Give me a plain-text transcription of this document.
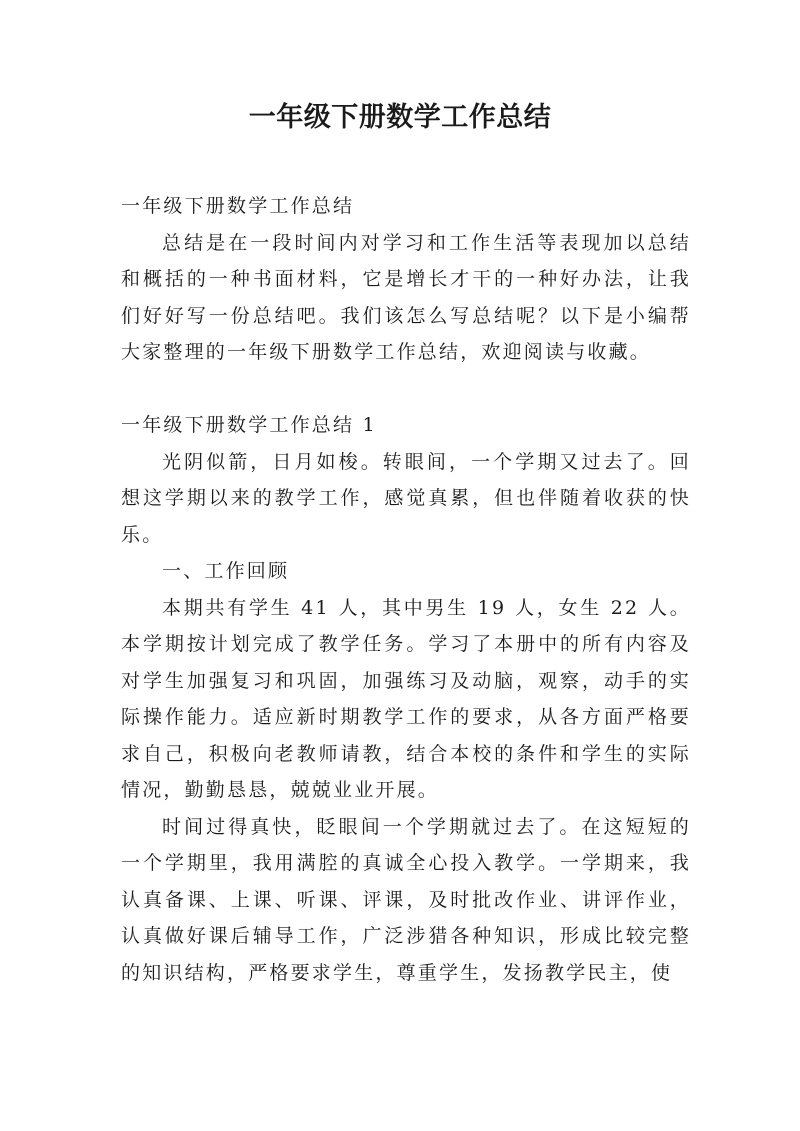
一年级下册数学工作总结

一年级下册数学工作总结

总结是在一段时间内对学习和工作生活等表现加以总结和概括的一种书面材料，它是增长才干的一种好办法，让我们好好写一份总结吧。我们该怎么写总结呢？以下是小编帮大家整理的一年级下册数学工作总结，欢迎阅读与收藏。

一年级下册数学工作总结 1

光阴似箭，日月如梭。转眼间，一个学期又过去了。回想这学期以来的教学工作，感觉真累，但也伴随着收获的快乐。

一、工作回顾

本期共有学生 41 人，其中男生 19 人，女生 22 人。本学期按计划完成了教学任务。学习了本册中的所有内容及对学生加强复习和巩固，加强练习及动脑，观察，动手的实际操作能力。适应新时期教学工作的要求，从各方面严格要求自己，积极向老教师请教，结合本校的条件和学生的实际情况，勤勤恳恳，兢兢业业开展。

时间过得真快，眨眼间一个学期就过去了。在这短短的一个学期里，我用满腔的真诚全心投入教学。一学期来，我认真备课、上课、听课、评课，及时批改作业、讲评作业，认真做好课后辅导工作，广泛涉猎各种知识，形成比较完整的知识结构，严格要求学生，尊重学生，发扬教学民主，使
